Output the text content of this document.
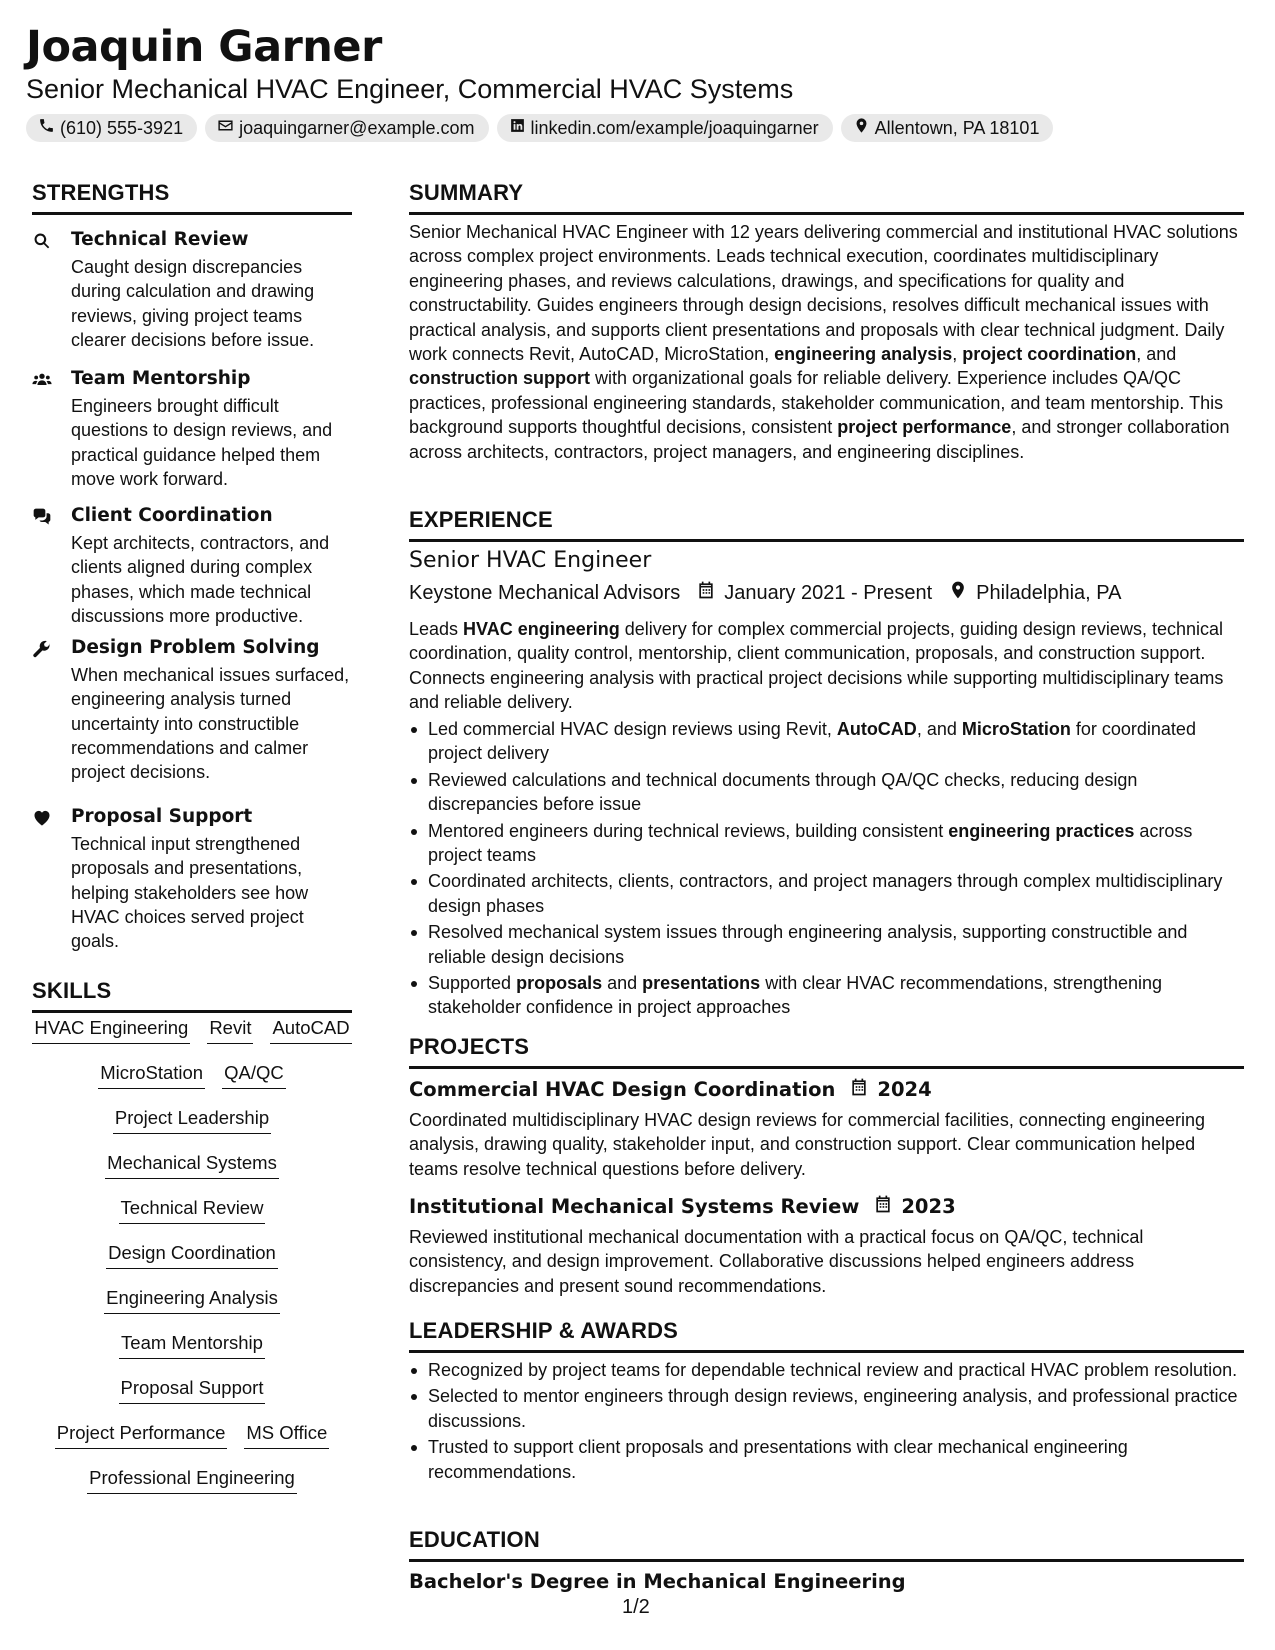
Joaquin Garner
Senior Mechanical HVAC Engineer, Commercial HVAC Systems
(610) 555-3921	joaquingarner@example.com	linkedin.com/example/joaquingarner	Allentown, PA 18101
STRENGTHS
Technical Review
Caught design discrepancies during calculation and drawing reviews, giving project teams clearer decisions before issue.
Team Mentorship
Engineers brought difficult questions to design reviews, and practical guidance helped them move work forward.
Client Coordination
Kept architects, contractors, and clients aligned during complex phases, which made technical discussions more productive.
Design Problem Solving
When mechanical issues surfaced, engineering analysis turned uncertainty into constructible recommendations and calmer project decisions.
Proposal Support
Technical input strengthened proposals and presentations, helping stakeholders see how HVAC choices served project goals.
SKILLS
HVAC Engineering Revit AutoCAD
MicroStation QA/QC
Project Leadership
Mechanical Systems
Technical Review
Design Coordination
Engineering Analysis
Team Mentorship
Proposal Support
Project Performance MS Office
Professional Engineering
SUMMARY
Senior Mechanical HVAC Engineer with 12 years delivering commercial and institutional HVAC solutions across complex project environments. Leads technical execution, coordinates multidisciplinary engineering phases, and reviews calculations, drawings, and specifications for quality and constructability. Guides engineers through design decisions, resolves difficult mechanical issues with practical analysis, and supports client presentations and proposals with clear technical judgment. Daily work connects Revit, AutoCAD, MicroStation, engineering analysis, project coordination, and construction support with organizational goals for reliable delivery. Experience includes QA/QC practices, professional engineering standards, stakeholder communication, and team mentorship. This background supports thoughtful decisions, consistent project performance, and stronger collaboration across architects, contractors, project managers, and engineering disciplines.
EXPERIENCE
Senior HVAC Engineer
Keystone Mechanical Advisors January 2021 - Present Philadelphia, PA
Leads HVAC engineering delivery for complex commercial projects, guiding design reviews, technical coordination, quality control, mentorship, client communication, proposals, and construction support. Connects engineering analysis with practical project decisions while supporting multidisciplinary teams and reliable delivery.
Led commercial HVAC design reviews using Revit, AutoCAD, and MicroStation for coordinated project delivery
Reviewed calculations and technical documents through QA/QC checks, reducing design discrepancies before issue
Mentored engineers during technical reviews, building consistent engineering practices across project teams
Coordinated architects, clients, contractors, and project managers through complex multidisciplinary design phases
Resolved mechanical system issues through engineering analysis, supporting constructible and reliable design decisions
Supported proposals and presentations with clear HVAC recommendations, strengthening stakeholder confidence in project approaches
PROJECTS
Commercial HVAC Design Coordination 2024
Coordinated multidisciplinary HVAC design reviews for commercial facilities, connecting engineering analysis, drawing quality, stakeholder input, and construction support. Clear communication helped teams resolve technical questions before delivery.
Institutional Mechanical Systems Review 2023
Reviewed institutional mechanical documentation with a practical focus on QA/QC, technical consistency, and design improvement. Collaborative discussions helped engineers address discrepancies and present sound recommendations.
LEADERSHIP & AWARDS
Recognized by project teams for dependable technical review and practical HVAC problem resolution.
Selected to mentor engineers through design reviews, engineering analysis, and professional practice discussions.
Trusted to support client proposals and presentations with clear mechanical engineering recommendations.
EDUCATION
Bachelor's Degree in Mechanical Engineering
1/2
